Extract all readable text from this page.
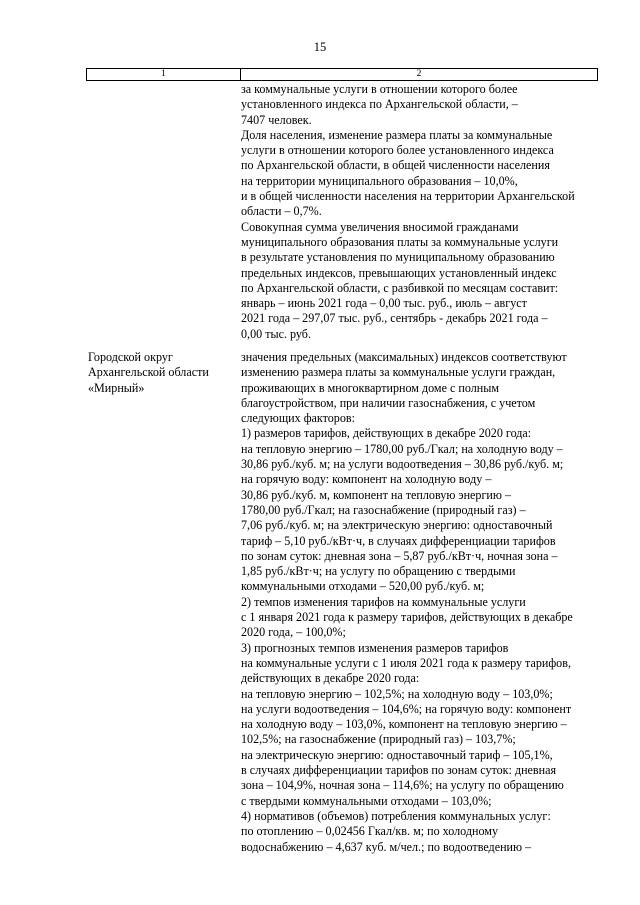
15
1	2
за коммунальные услуги в отношении которого более
установленного индекса по Архангельской области, –
7407 человек.
Доля населения, изменение размера платы за коммунальные
услуги в отношении которого более установленного индекса
по Архангельской области, в общей численности населения
на территории муниципального образования – 10,0%,
и в общей численности населения на территории Архангельской
области – 0,7%.
Совокупная сумма увеличения вносимой гражданами
муниципального образования платы за коммунальные услуги
в результате установления по муниципальному образованию
предельных индексов, превышающих установленный индекс
по Архангельской области, с разбивкой по месяцам составит:
январь – июнь 2021 года – 0,00 тыс. руб., июль – август
2021 года – 297,07 тыс. руб., сентябрь - декабрь 2021 года –
0,00 тыс. руб.
Городской округ
Архангельской области
«Мирный»
значения предельных (максимальных) индексов соответствуют
изменению размера платы за коммунальные услуги граждан,
проживающих в многоквартирном доме с полным
благоустройством, при наличии газоснабжения, с учетом
следующих факторов:
1) размеров тарифов, действующих в декабре 2020 года:
на тепловую энергию – 1780,00 руб./Гкал; на холодную воду –
30,86 руб./куб. м; на услуги водоотведения – 30,86 руб./куб. м;
на горячую воду: компонент на холодную воду –
30,86 руб./куб. м, компонент на тепловую энергию –
1780,00 руб./Гкал; на газоснабжение (природный газ) –
7,06 руб./куб. м; на электрическую энергию: одноставочный
тариф – 5,10 руб./кВт·ч, в случаях дифференциации тарифов
по зонам суток: дневная зона – 5,87 руб./кВт·ч, ночная зона –
1,85 руб./кВт·ч; на услугу по обращению с твердыми
коммунальными отходами – 520,00 руб./куб. м;
2) темпов изменения тарифов на коммунальные услуги
с 1 января 2021 года к размеру тарифов, действующих в декабре
2020 года, – 100,0%;
3) прогнозных темпов изменения размеров тарифов
на коммунальные услуги с 1 июля 2021 года к размеру тарифов,
действующих в декабре 2020 года:
на тепловую энергию – 102,5%; на холодную воду – 103,0%;
на услуги водоотведения – 104,6%; на горячую воду: компонент
на холодную воду – 103,0%, компонент на тепловую энергию –
102,5%; на газоснабжение (природный газ) – 103,7%;
на электрическую энергию: одноставочный тариф – 105,1%,
в случаях дифференциации тарифов по зонам суток: дневная
зона – 104,9%, ночная зона – 114,6%; на услугу по обращению
с твердыми коммунальными отходами – 103,0%;
4) нормативов (объемов) потребления коммунальных услуг:
по отоплению – 0,02456 Гкал/кв. м; по холодному
водоснабжению – 4,637 куб. м/чел.; по водоотведению –
